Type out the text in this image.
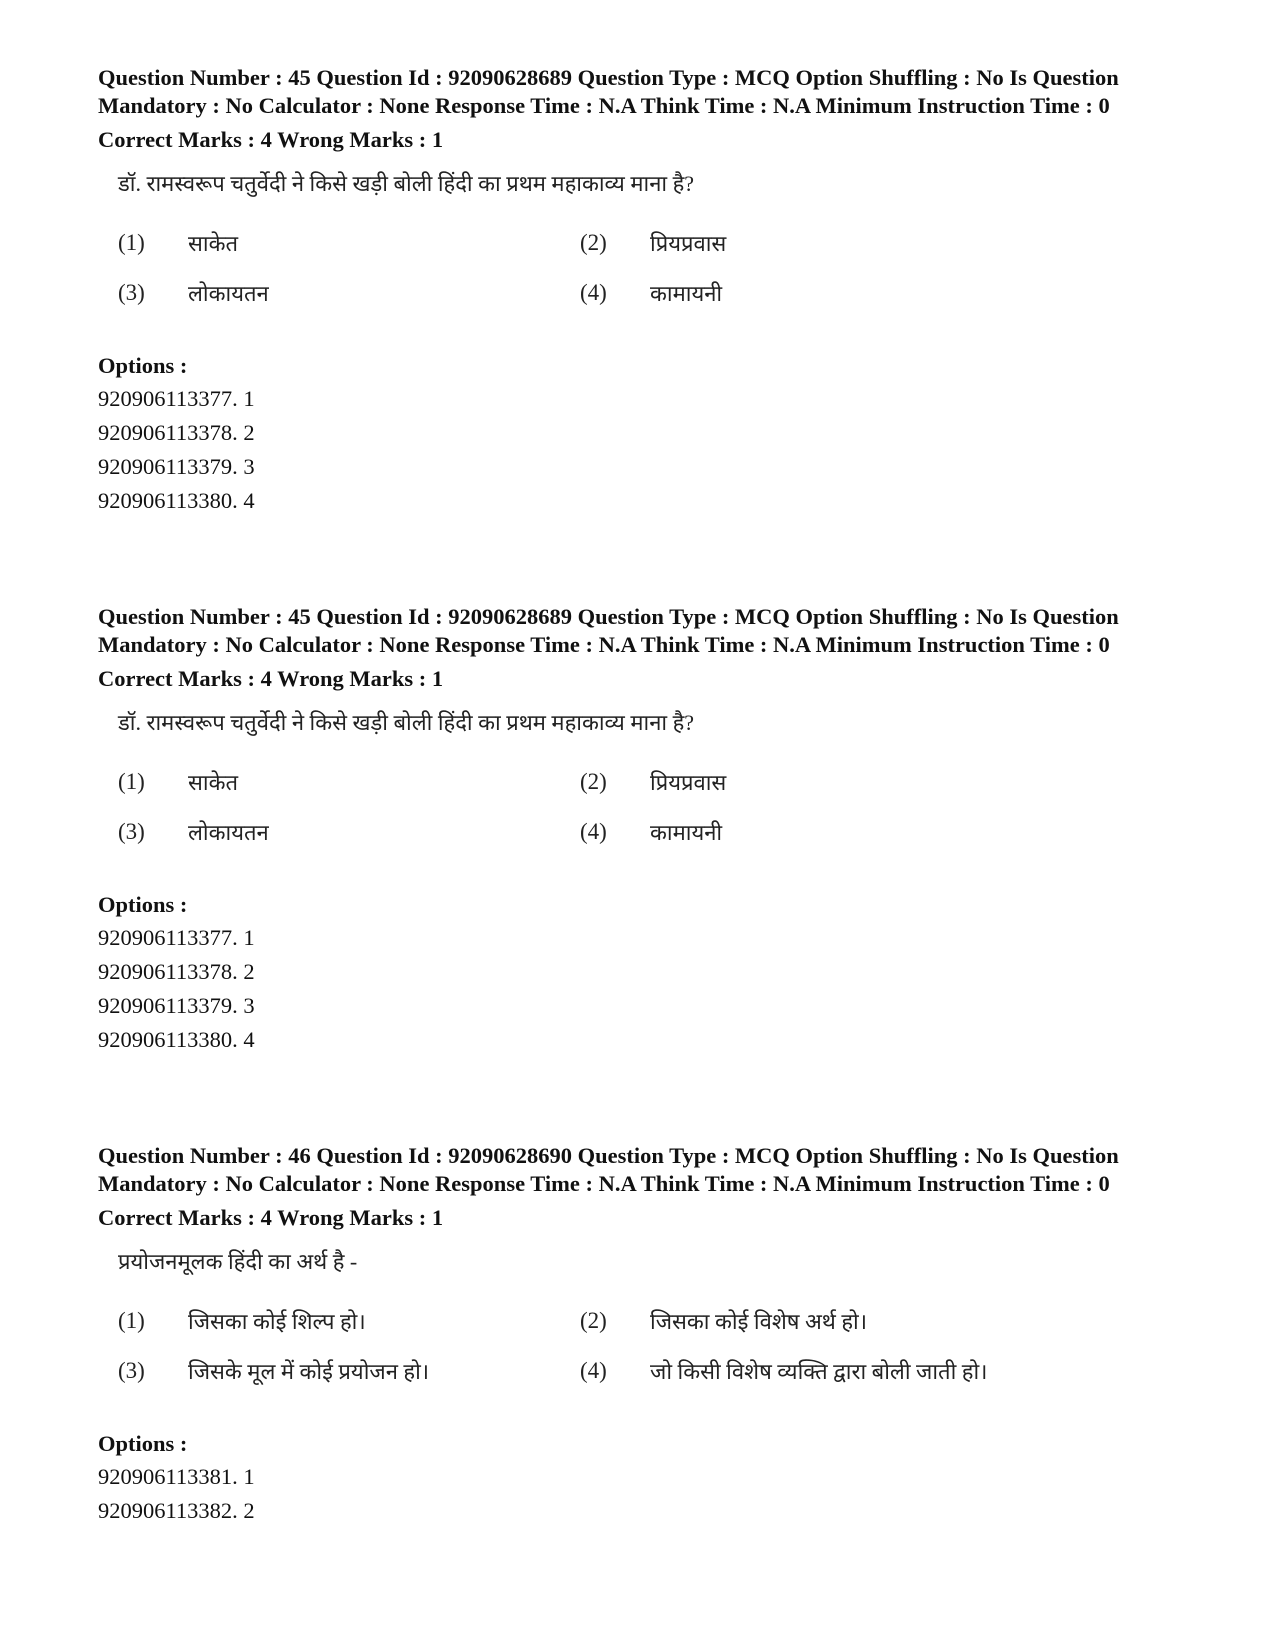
Question Number : 45 Question Id : 92090628689 Question Type : MCQ Option Shuffling : No Is Question Mandatory : No Calculator : None Response Time : N.A Think Time : N.A Minimum Instruction Time : 0
Correct Marks : 4 Wrong Marks : 1
डॉ. रामस्वरूप चतुर्वेदी ने किसे खड़ी बोली हिंदी का प्रथम महाकाव्य माना है?
(1)	साकेत	(2)	प्रियप्रवास
(3)	लोकायतन	(4)	कामायनी
Options :
920906113377. 1
920906113378. 2
920906113379. 3
920906113380. 4
Question Number : 45 Question Id : 92090628689 Question Type : MCQ Option Shuffling : No Is Question Mandatory : No Calculator : None Response Time : N.A Think Time : N.A Minimum Instruction Time : 0
Correct Marks : 4 Wrong Marks : 1
डॉ. रामस्वरूप चतुर्वेदी ने किसे खड़ी बोली हिंदी का प्रथम महाकाव्य माना है?
(1)	साकेत	(2)	प्रियप्रवास
(3)	लोकायतन	(4)	कामायनी
Options :
920906113377. 1
920906113378. 2
920906113379. 3
920906113380. 4
Question Number : 46 Question Id : 92090628690 Question Type : MCQ Option Shuffling : No Is Question Mandatory : No Calculator : None Response Time : N.A Think Time : N.A Minimum Instruction Time : 0
Correct Marks : 4 Wrong Marks : 1
प्रयोजनमूलक हिंदी का अर्थ है -
(1)	जिसका कोई शिल्प हो।	(2)	जिसका कोई विशेष अर्थ हो।
(3)	जिसके मूल में कोई प्रयोजन हो।	(4)	जो किसी विशेष व्यक्ति द्वारा बोली जाती हो।
Options :
920906113381. 1
920906113382. 2
